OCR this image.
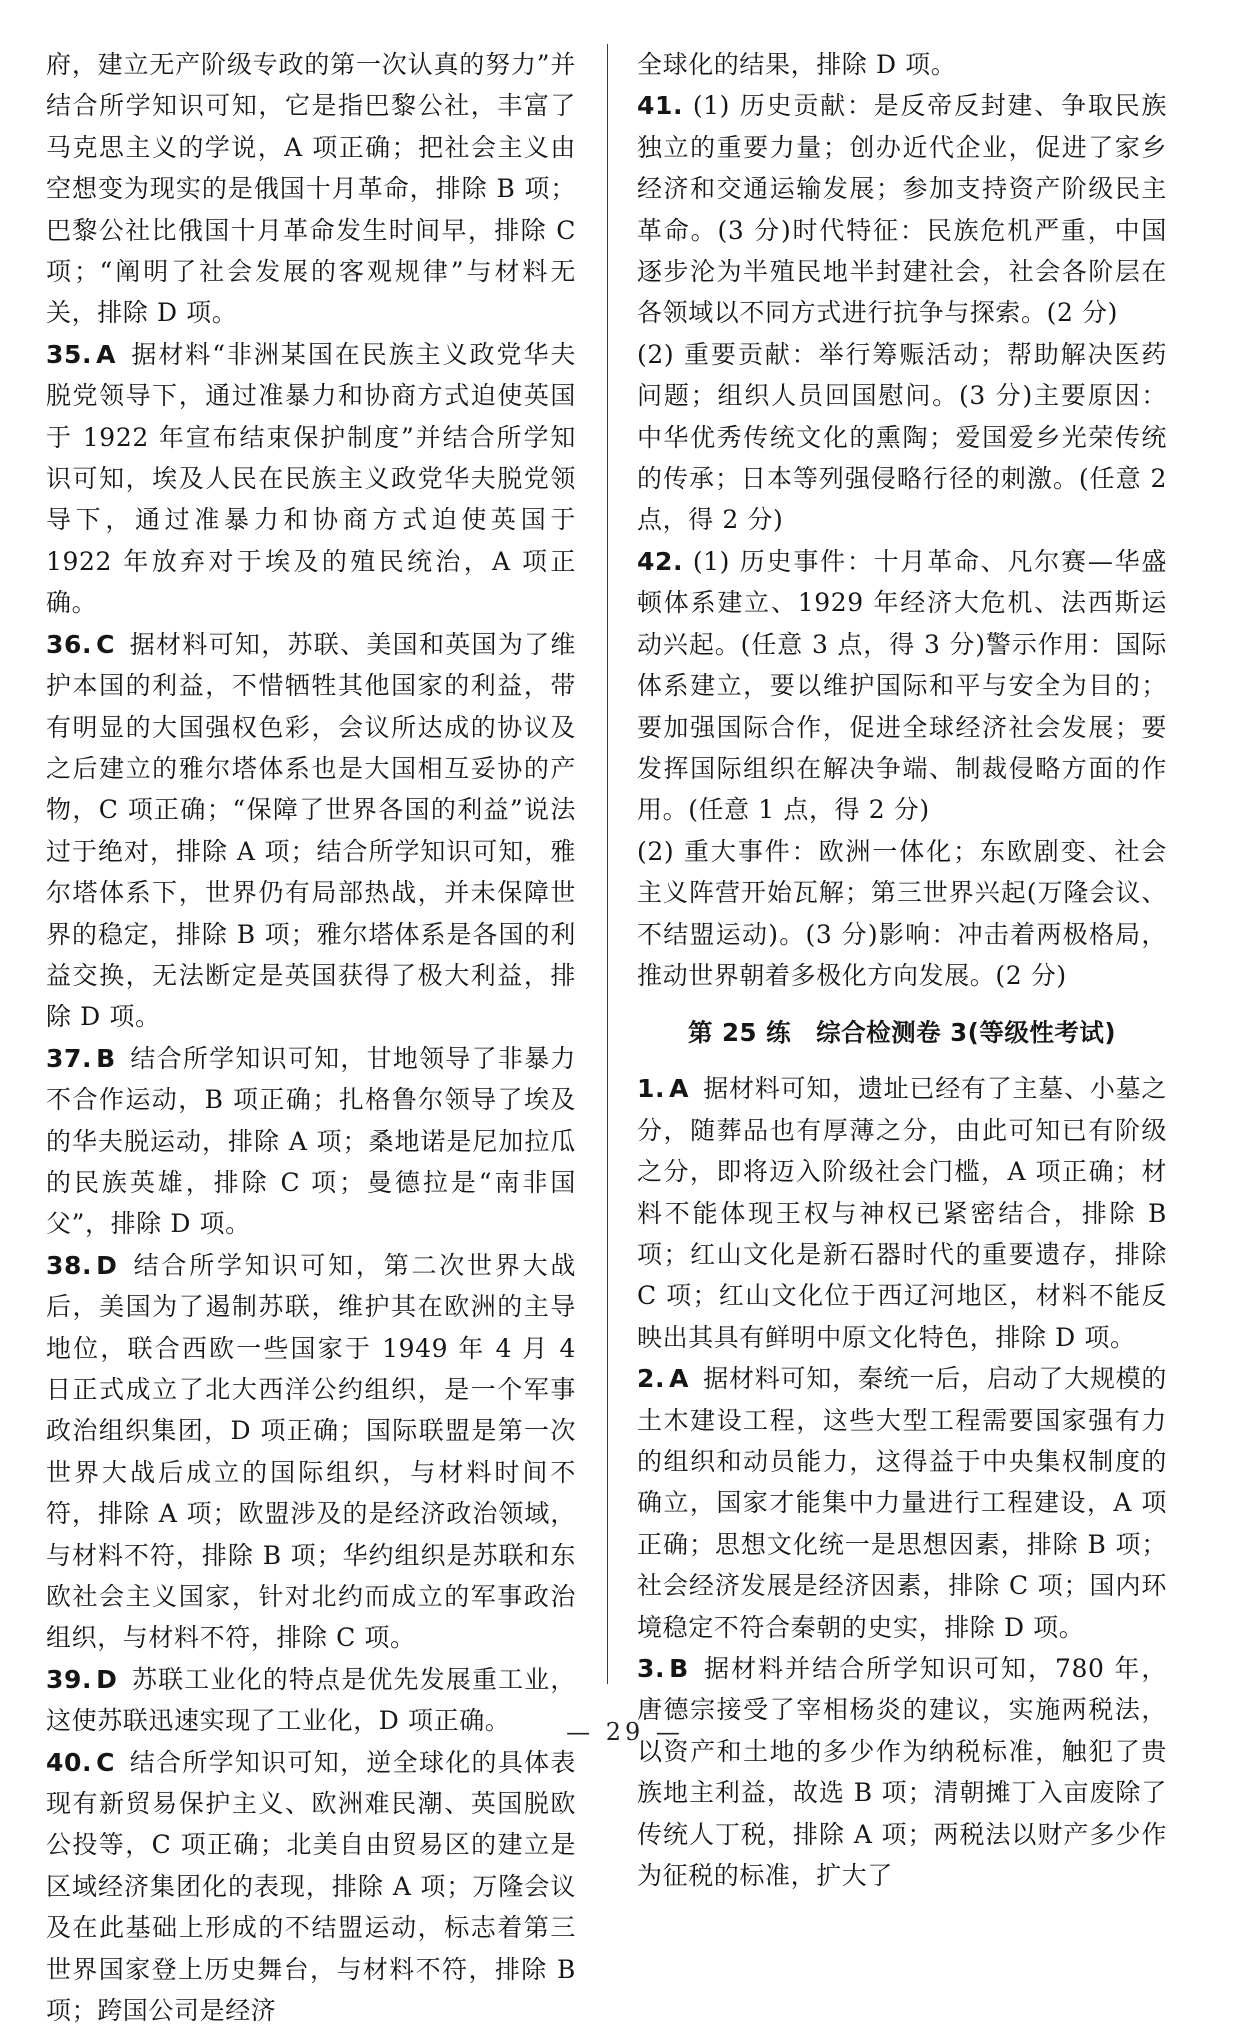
府，建立无产阶级专政的第一次认真的努力”并结合所学知识可知，它是指巴黎公社，丰富了马克思主义的学说，A 项正确；把社会主义由空想变为现实的是俄国十月革命，排除 B 项；巴黎公社比俄国十月革命发生时间早，排除 C 项；“阐明了社会发展的客观规律”与材料无关，排除 D 项。

35. A 据材料“非洲某国在民族主义政党华夫脱党领导下，通过准暴力和协商方式迫使英国于 1922 年宣布结束保护制度”并结合所学知识可知，埃及人民在民族主义政党华夫脱党领导下，通过准暴力和协商方式迫使英国于 1922 年放弃对于埃及的殖民统治，A 项正确。

36. C 据材料可知，苏联、美国和英国为了维护本国的利益，不惜牺牲其他国家的利益，带有明显的大国强权色彩，会议所达成的协议及之后建立的雅尔塔体系也是大国相互妥协的产物，C 项正确；“保障了世界各国的利益”说法过于绝对，排除 A 项；结合所学知识可知，雅尔塔体系下，世界仍有局部热战，并未保障世界的稳定，排除 B 项；雅尔塔体系是各国的利益交换，无法断定是英国获得了极大利益，排除 D 项。

37. B 结合所学知识可知，甘地领导了非暴力不合作运动，B 项正确；扎格鲁尔领导了埃及的华夫脱运动，排除 A 项；桑地诺是尼加拉瓜的民族英雄，排除 C 项；曼德拉是“南非国父”，排除 D 项。

38. D 结合所学知识可知，第二次世界大战后，美国为了遏制苏联，维护其在欧洲的主导地位，联合西欧一些国家于 1949 年 4 月 4 日正式成立了北大西洋公约组织，是一个军事政治组织集团，D 项正确；国际联盟是第一次世界大战后成立的国际组织，与材料时间不符，排除 A 项；欧盟涉及的是经济政治领域，与材料不符，排除 B 项；华约组织是苏联和东欧社会主义国家，针对北约而成立的军事政治组织，与材料不符，排除 C 项。

39. D 苏联工业化的特点是优先发展重工业，这使苏联迅速实现了工业化，D 项正确。

40. C 结合所学知识可知，逆全球化的具体表现有新贸易保护主义、欧洲难民潮、英国脱欧公投等，C 项正确；北美自由贸易区的建立是区域经济集团化的表现，排除 A 项；万隆会议及在此基础上形成的不结盟运动，标志着第三世界国家登上历史舞台，与材料不符，排除 B 项；跨国公司是经济

全球化的结果，排除 D 项。

41. (1) 历史贡献：是反帝反封建、争取民族独立的重要力量；创办近代企业，促进了家乡经济和交通运输发展；参加支持资产阶级民主革命。(3 分)时代特征：民族危机严重，中国逐步沦为半殖民地半封建社会，社会各阶层在各领域以不同方式进行抗争与探索。(2 分)

(2) 重要贡献：举行筹赈活动；帮助解决医药问题；组织人员回国慰问。(3 分)主要原因：中华优秀传统文化的熏陶；爱国爱乡光荣传统的传承；日本等列强侵略行径的刺激。(任意 2 点，得 2 分)

42. (1) 历史事件：十月革命、凡尔赛—华盛顿体系建立、1929 年经济大危机、法西斯运动兴起。(任意 3 点，得 3 分)警示作用：国际体系建立，要以维护国际和平与安全为目的；要加强国际合作，促进全球经济社会发展；要发挥国际组织在解决争端、制裁侵略方面的作用。(任意 1 点，得 2 分)

(2) 重大事件：欧洲一体化；东欧剧变、社会主义阵营开始瓦解；第三世界兴起(万隆会议、不结盟运动)。(3 分)影响：冲击着两极格局，推动世界朝着多极化方向发展。(2 分)

第 25 练　综合检测卷 3(等级性考试)

1. A 据材料可知，遗址已经有了主墓、小墓之分，随葬品也有厚薄之分，由此可知已有阶级之分，即将迈入阶级社会门槛，A 项正确；材料不能体现王权与神权已紧密结合，排除 B 项；红山文化是新石器时代的重要遗存，排除 C 项；红山文化位于西辽河地区，材料不能反映出其具有鲜明中原文化特色，排除 D 项。

2. A 据材料可知，秦统一后，启动了大规模的土木建设工程，这些大型工程需要国家强有力的组织和动员能力，这得益于中央集权制度的确立，国家才能集中力量进行工程建设，A 项正确；思想文化统一是思想因素，排除 B 项；社会经济发展是经济因素，排除 C 项；国内环境稳定不符合秦朝的史实，排除 D 项。

3. B 据材料并结合所学知识可知，780 年，唐德宗接受了宰相杨炎的建议，实施两税法，以资产和土地的多少作为纳税标准，触犯了贵族地主利益，故选 B 项；清朝摊丁入亩废除了传统人丁税，排除 A 项；两税法以财产多少作为征税的标准，扩大了

— 29 —
